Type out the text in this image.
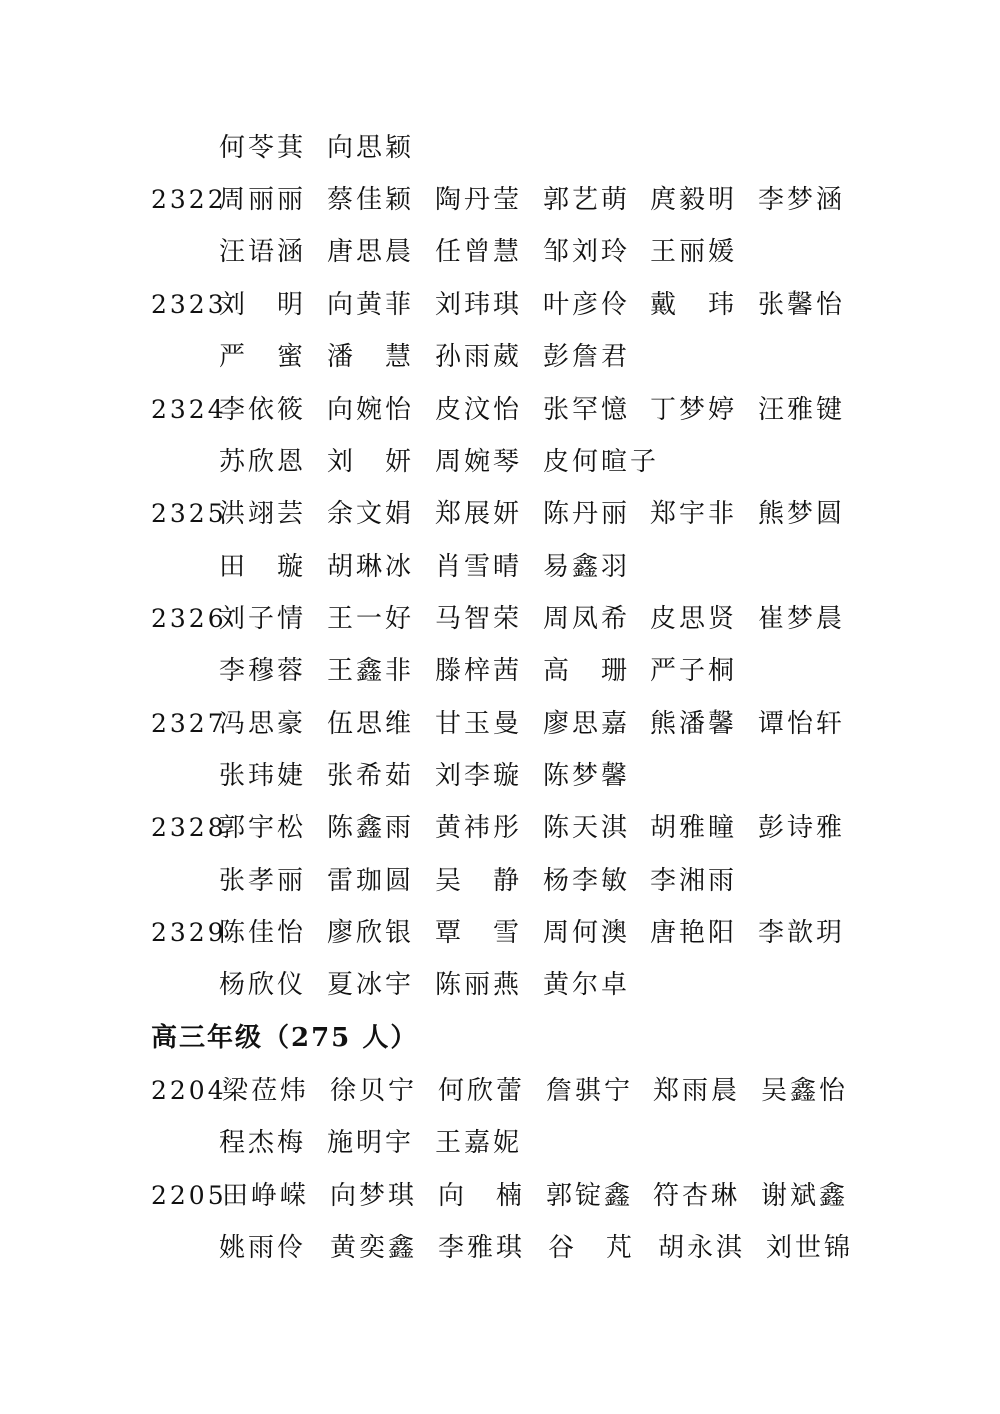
何苓萁 向思颖
2322
周丽丽 蔡佳颖 陶丹莹 郭艺萌 庹毅明 李梦涵
汪语涵 唐思晨 任曾慧 邹刘玲 王丽媛
2323
刘　明 向黄菲 刘玮琪 叶彦伶 戴　玮 张馨怡
严　蜜 潘　慧 孙雨葳 彭詹君
2324
李依筱 向婉怡 皮汶怡 张罕憶 丁梦婷 汪雅键
苏欣恩 刘　妍 周婉琴 皮何暄子
2325
洪翊芸 余文娟 郑展妍 陈丹丽 郑宇非 熊梦圆
田　璇 胡琳冰 肖雪晴 易鑫羽
2326
刘子情 王一好 马智荣 周凤希 皮思贤 崔梦晨
李穆蓉 王鑫非 滕梓茜 高　珊 严子桐
2327
冯思豪 伍思维 甘玉曼 廖思嘉 熊潘馨 谭怡轩
张玮婕 张希茹 刘李璇 陈梦馨
2328
郭宇松 陈鑫雨 黄祎彤 陈天淇 胡雅瞳 彭诗雅
张孝丽 雷珈圆 吴　静 杨李敏 李湘雨
2329
陈佳怡 廖欣银 覃　雪 周何澳 唐艳阳 李歆玥
杨欣仪 夏冰宇 陈丽燕 黄尔卓
高三年级（275 人）
2204
梁莅炜 徐贝宁 何欣蕾 詹骐宁 郑雨晨 吴鑫怡
程杰梅 施明宇 王嘉妮
2205
田峥嵘 向梦琪 向　楠 郭锭鑫 符杏琳 谢斌鑫
姚雨伶 黄奕鑫 李雅琪 谷　芃 胡永淇 刘世锦
